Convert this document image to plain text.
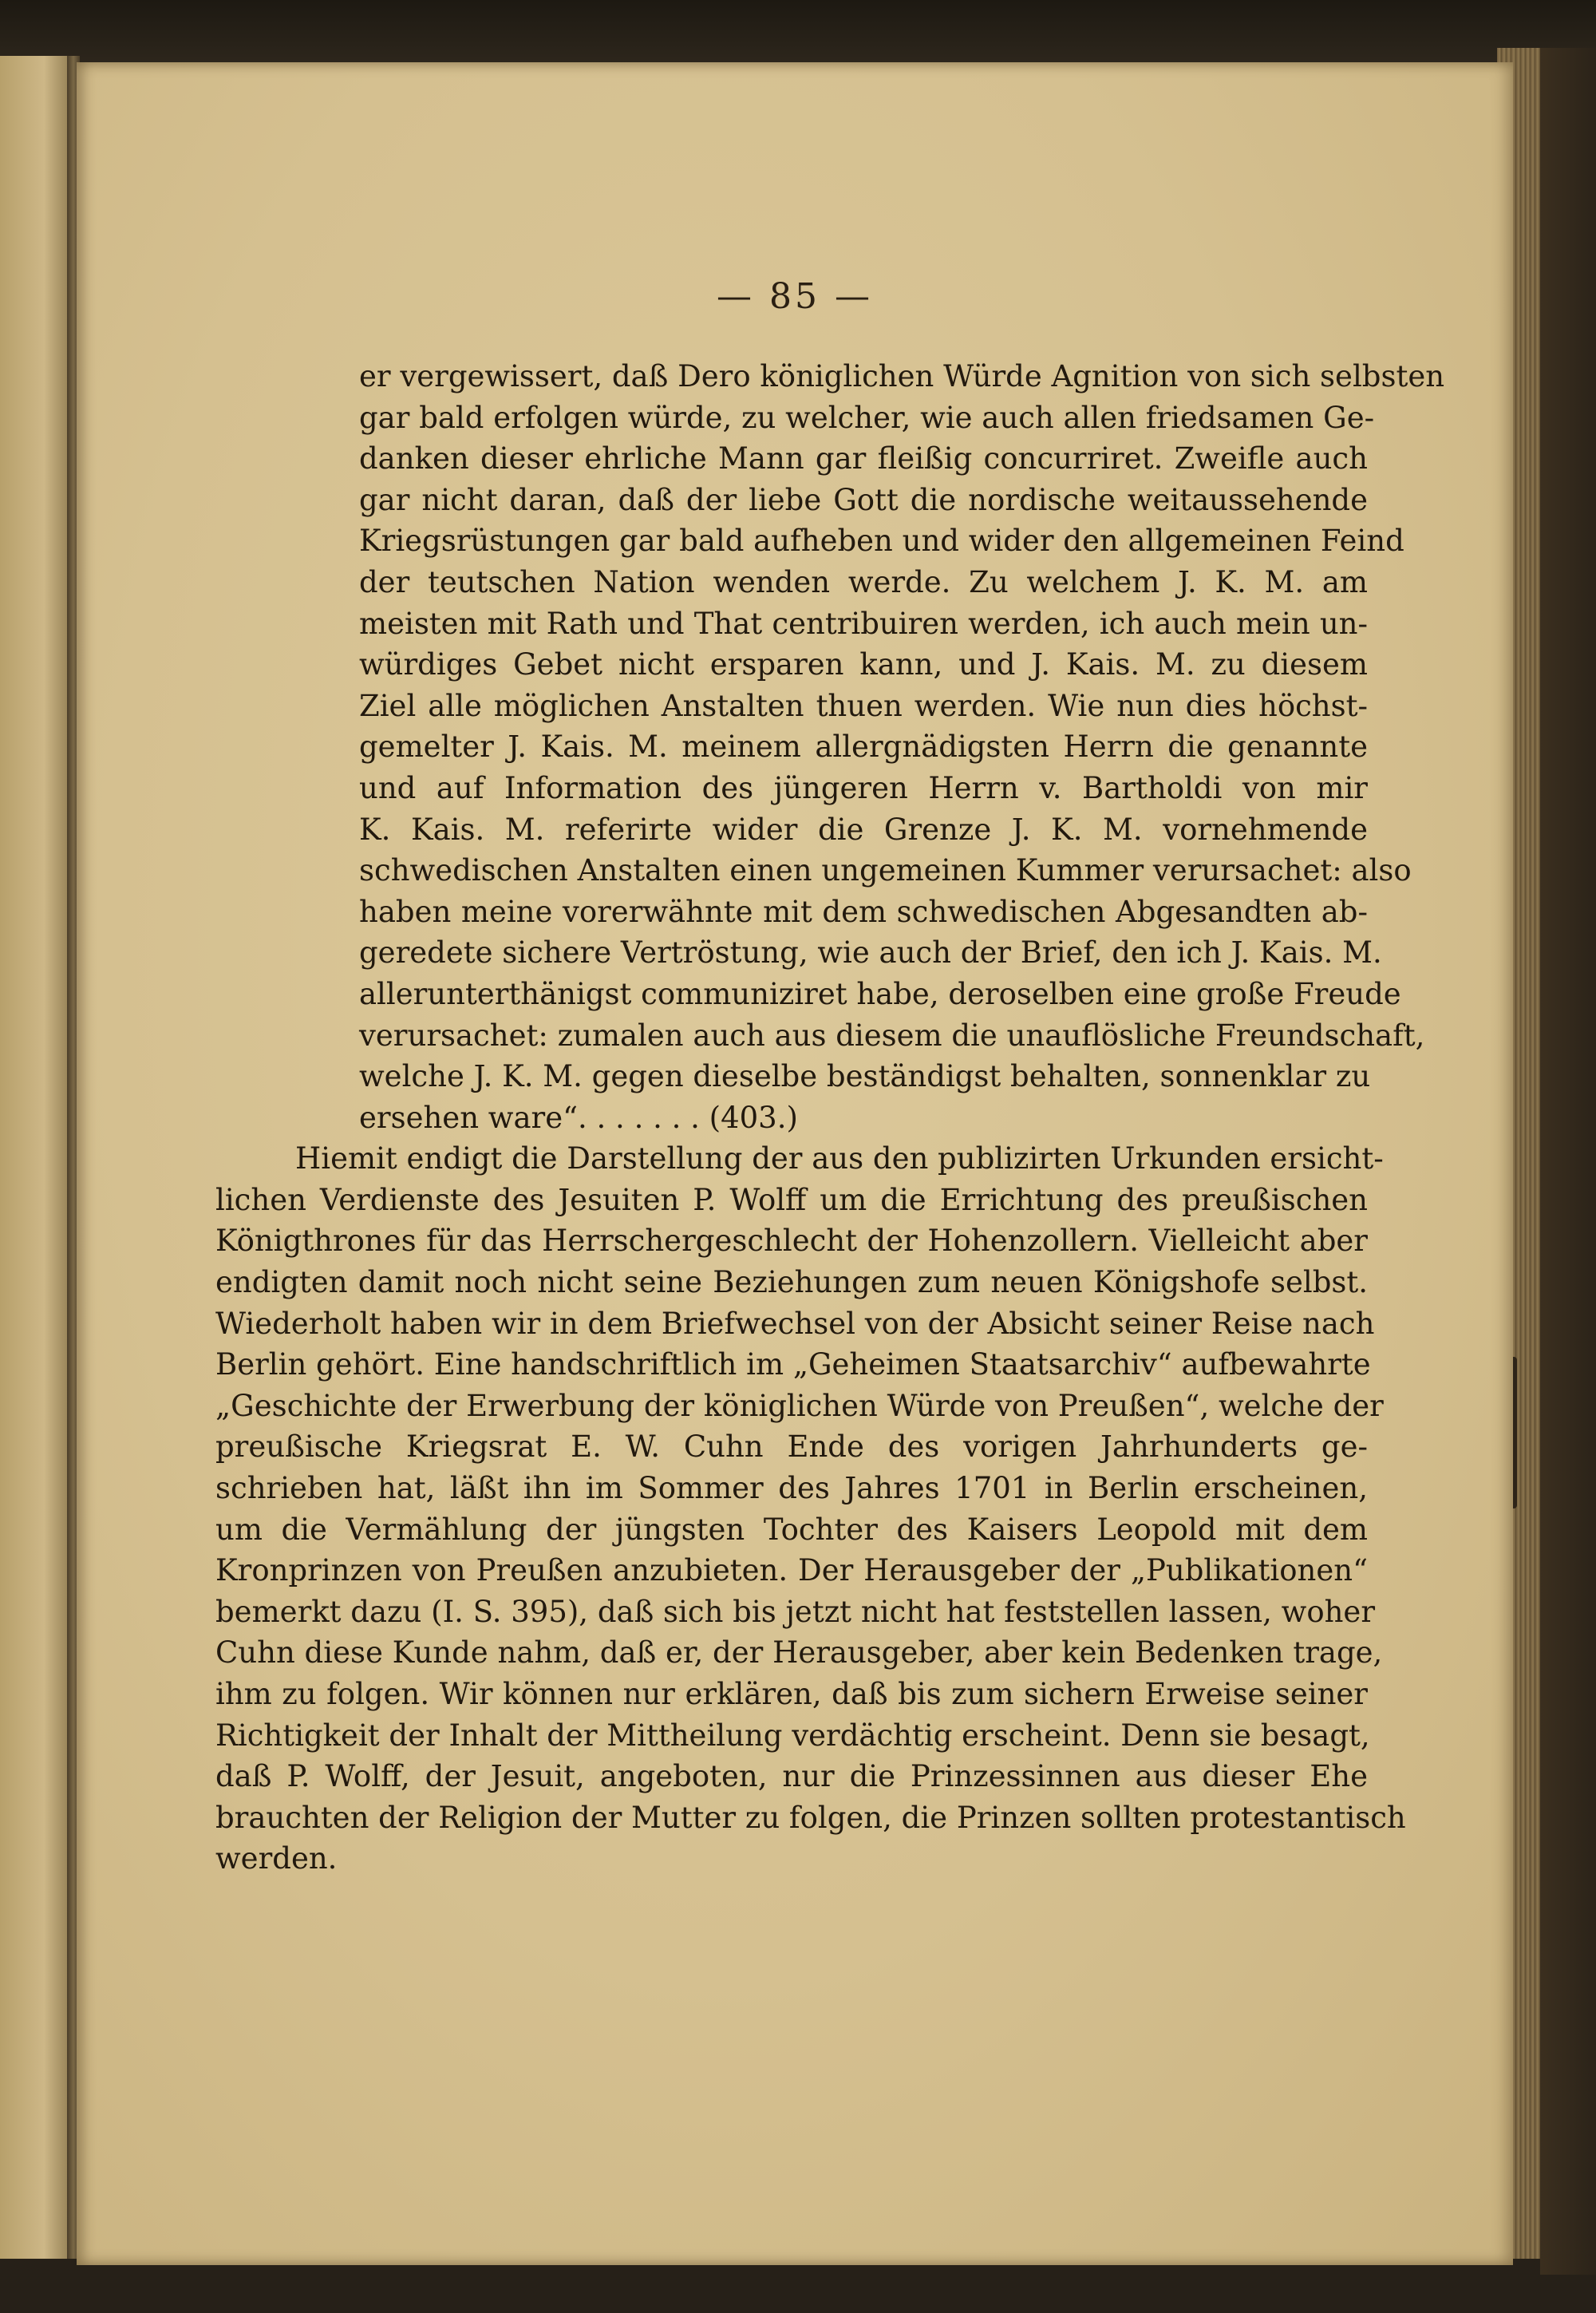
— 85 —
er vergewissert, daß Dero königlichen Würde Agnition von sich selbsten
gar bald erfolgen würde, zu welcher, wie auch allen friedsamen Ge-
danken dieser ehrliche Mann gar fleißig concurriret. Zweifle auch
gar nicht daran, daß der liebe Gott die nordische weitaussehende
Kriegsrüstungen gar bald aufheben und wider den allgemeinen Feind
der teutschen Nation wenden werde. Zu welchem J. K. M. am
meisten mit Rath und That centribuiren werden, ich auch mein un-
würdiges Gebet nicht ersparen kann, und J. Kais. M. zu diesem
Ziel alle möglichen Anstalten thuen werden. Wie nun dies höchst-
gemelter J. Kais. M. meinem allergnädigsten Herrn die genannte
und auf Information des jüngeren Herrn v. Bartholdi von mir
K. Kais. M. referirte wider die Grenze J. K. M. vornehmende
schwedischen Anstalten einen ungemeinen Kummer verursachet: also
haben meine vorerwähnte mit dem schwedischen Abgesandten ab-
geredete sichere Vertröstung, wie auch der Brief, den ich J. Kais. M.
allerunterthänigst communiziret habe, deroselben eine große Freude
verursachet: zumalen auch aus diesem die unauflösliche Freundschaft,
welche J. K. M. gegen dieselbe beständigst behalten, sonnenklar zu
ersehen ware“. . . . . . . (403.)
Hiemit endigt die Darstellung der aus den publizirten Urkunden ersicht-
lichen Verdienste des Jesuiten P. Wolff um die Errichtung des preußischen
Königthrones für das Herrschergeschlecht der Hohenzollern. Vielleicht aber
endigten damit noch nicht seine Beziehungen zum neuen Königshofe selbst.
Wiederholt haben wir in dem Briefwechsel von der Absicht seiner Reise nach
Berlin gehört. Eine handschriftlich im „Geheimen Staatsarchiv“ aufbewahrte
„Geschichte der Erwerbung der königlichen Würde von Preußen“, welche der
preußische Kriegsrat E. W. Cuhn Ende des vorigen Jahrhunderts ge-
schrieben hat, läßt ihn im Sommer des Jahres 1701 in Berlin erscheinen,
um die Vermählung der jüngsten Tochter des Kaisers Leopold mit dem
Kronprinzen von Preußen anzubieten. Der Herausgeber der „Publikationen“
bemerkt dazu (I. S. 395), daß sich bis jetzt nicht hat feststellen lassen, woher
Cuhn diese Kunde nahm, daß er, der Herausgeber, aber kein Bedenken trage,
ihm zu folgen. Wir können nur erklären, daß bis zum sichern Erweise seiner
Richtigkeit der Inhalt der Mittheilung verdächtig erscheint. Denn sie besagt,
daß P. Wolff, der Jesuit, angeboten, nur die Prinzessinnen aus dieser Ehe
brauchten der Religion der Mutter zu folgen, die Prinzen sollten protestantisch
werden.
